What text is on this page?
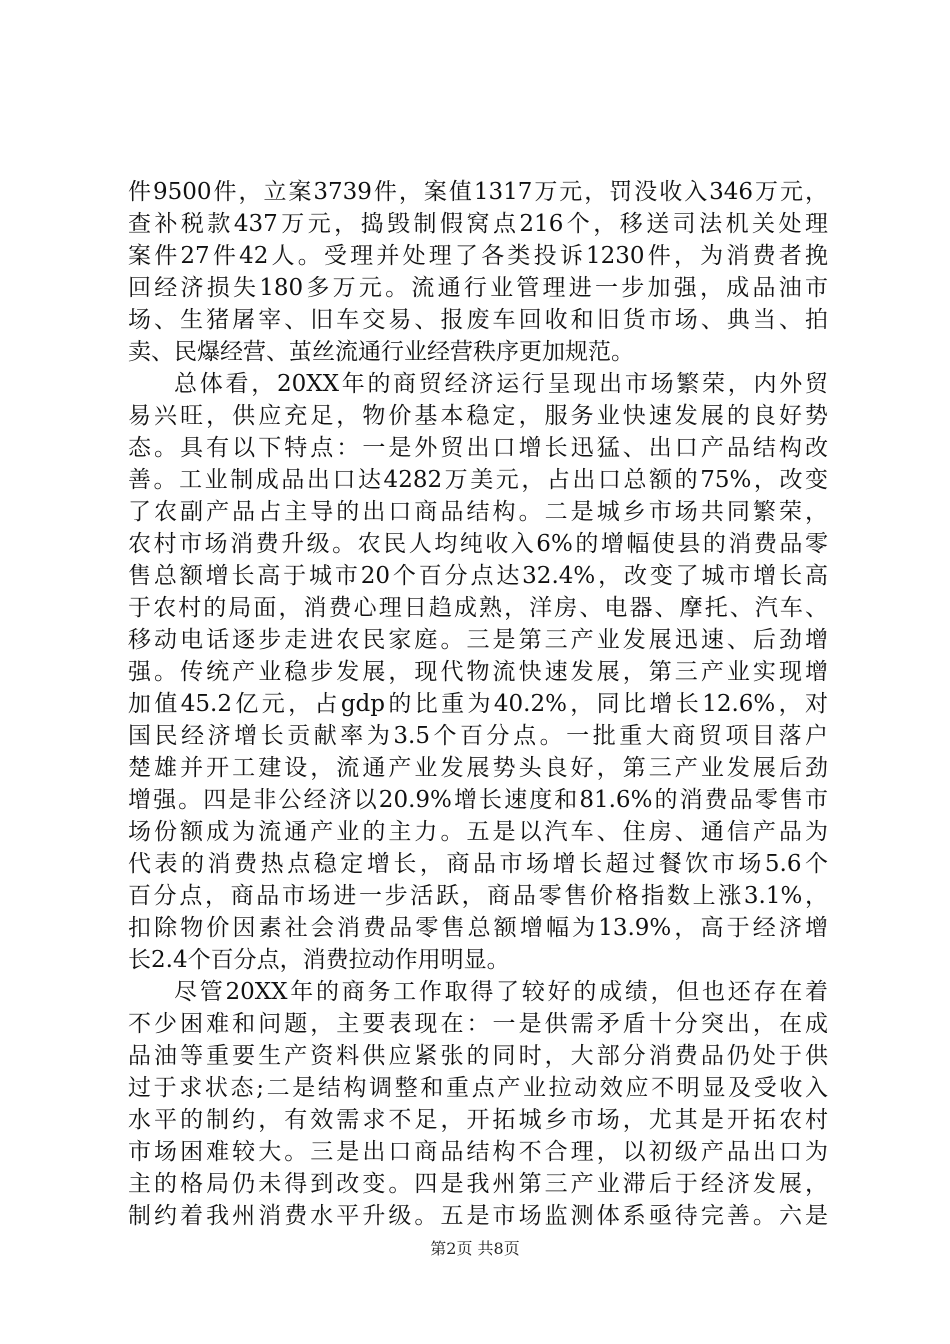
件9500件，立案3739件，案值1317万元，罚没收入346万元，
查补税款437万元，捣毁制假窝点216个，移送司法机关处理
案件27件42人。受理并处理了各类投诉1230件，为消费者挽
回经济损失180多万元。流通行业管理进一步加强，成品油市
场、生猪屠宰、旧车交易、报废车回收和旧货市场、典当、拍
卖、民爆经营、茧丝流通行业经营秩序更加规范。
总体看，20XX年的商贸经济运行呈现出市场繁荣，内外贸
易兴旺，供应充足，物价基本稳定，服务业快速发展的良好势
态。具有以下特点：一是外贸出口增长迅猛、出口产品结构改
善。工业制成品出口达4282万美元，占出口总额的75%，改变
了农副产品占主导的出口商品结构。二是城乡市场共同繁荣，
农村市场消费升级。农民人均纯收入6%的增幅使县的消费品零
售总额增长高于城市20个百分点达32.4%，改变了城市增长高
于农村的局面，消费心理日趋成熟，洋房、电器、摩托、汽车、
移动电话逐步走进农民家庭。三是第三产业发展迅速、后劲增
强。传统产业稳步发展，现代物流快速发展，第三产业实现增
加值45.2亿元，占gdp的比重为40.2%，同比增长12.6%，对
国民经济增长贡献率为3.5个百分点。一批重大商贸项目落户
楚雄并开工建设，流通产业发展势头良好，第三产业发展后劲
增强。四是非公经济以20.9%增长速度和81.6%的消费品零售市
场份额成为流通产业的主力。五是以汽车、住房、通信产品为
代表的消费热点稳定增长，商品市场增长超过餐饮市场5.6个
百分点，商品市场进一步活跃，商品零售价格指数上涨3.1%，
扣除物价因素社会消费品零售总额增幅为13.9%，高于经济增
长2.4个百分点，消费拉动作用明显。
尽管20XX年的商务工作取得了较好的成绩，但也还存在着
不少困难和问题，主要表现在：一是供需矛盾十分突出，在成
品油等重要生产资料供应紧张的同时，大部分消费品仍处于供
过于求状态;二是结构调整和重点产业拉动效应不明显及受收入
水平的制约，有效需求不足，开拓城乡市场，尤其是开拓农村
市场困难较大。三是出口商品结构不合理，以初级产品出口为
主的格局仍未得到改变。四是我州第三产业滞后于经济发展，
制约着我州消费水平升级。五是市场监测体系亟待完善。六是
第2页 共8页
